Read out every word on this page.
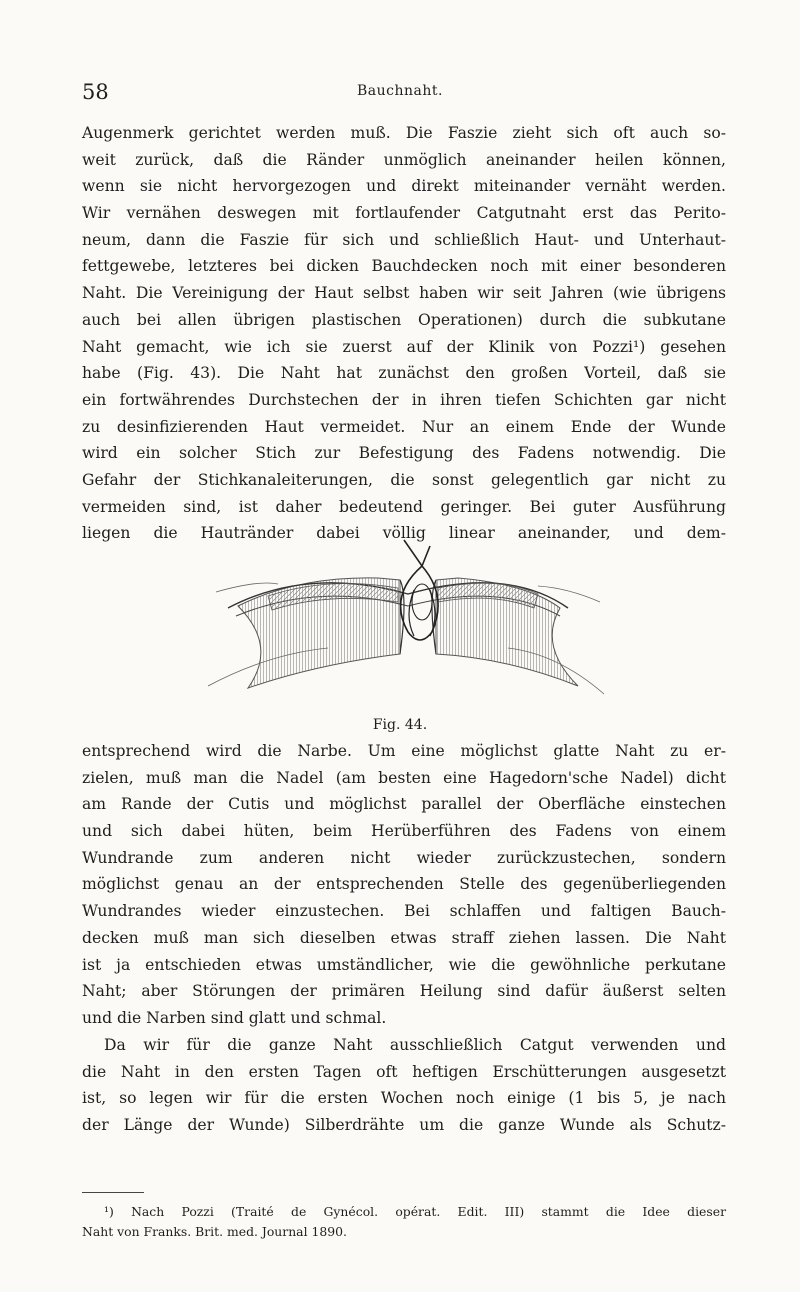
58	Bauchnaht.
Augenmerk gerichtet werden muß. Die Faszie zieht sich oft auch so-
weit zurück, daß die Ränder unmöglich aneinander heilen können,
wenn sie nicht hervorgezogen und direkt miteinander vernäht werden.
Wir vernähen deswegen mit fortlaufender Catgutnaht erst das Perito-
neum, dann die Faszie für sich und schließlich Haut- und Unterhaut-
fettgewebe, letzteres bei dicken Bauchdecken noch mit einer besonderen
Naht. Die Vereinigung der Haut selbst haben wir seit Jahren (wie übrigens
auch bei allen übrigen plastischen Operationen) durch die subkutane
Naht gemacht, wie ich sie zuerst auf der Klinik von Pozzi¹) gesehen
habe (Fig. 43). Die Naht hat zunächst den großen Vorteil, daß sie
ein fortwährendes Durchstechen der in ihren tiefen Schichten gar nicht
zu desinfizierenden Haut vermeidet. Nur an einem Ende der Wunde
wird ein solcher Stich zur Befestigung des Fadens notwendig. Die
Gefahr der Stichkanaleiterungen, die sonst gelegentlich gar nicht zu
vermeiden sind, ist daher bedeutend geringer. Bei guter Ausführung
liegen die Hautränder dabei völlig linear aneinander, und dem-
Fig. 44.
entsprechend wird die Narbe. Um eine möglichst glatte Naht zu er-
zielen, muß man die Nadel (am besten eine Hagedorn'sche Nadel) dicht
am Rande der Cutis und möglichst parallel der Oberfläche einstechen
und sich dabei hüten, beim Herüberführen des Fadens von einem
Wundrande zum anderen nicht wieder zurückzustechen, sondern
möglichst genau an der entsprechenden Stelle des gegenüberliegenden
Wundrandes wieder einzustechen. Bei schlaffen und faltigen Bauch-
decken muß man sich dieselben etwas straff ziehen lassen. Die Naht
ist ja entschieden etwas umständlicher, wie die gewöhnliche perkutane
Naht; aber Störungen der primären Heilung sind dafür äußerst selten
und die Narben sind glatt und schmal.
Da wir für die ganze Naht ausschließlich Catgut verwenden und
die Naht in den ersten Tagen oft heftigen Erschütterungen ausgesetzt
ist, so legen wir für die ersten Wochen noch einige (1 bis 5, je nach
der Länge der Wunde) Silberdrähte um die ganze Wunde als Schutz-
¹) Nach Pozzi (Traité de Gynécol. opérat. Edit. III) stammt die Idee dieser
Naht von Franks. Brit. med. Journal 1890.
